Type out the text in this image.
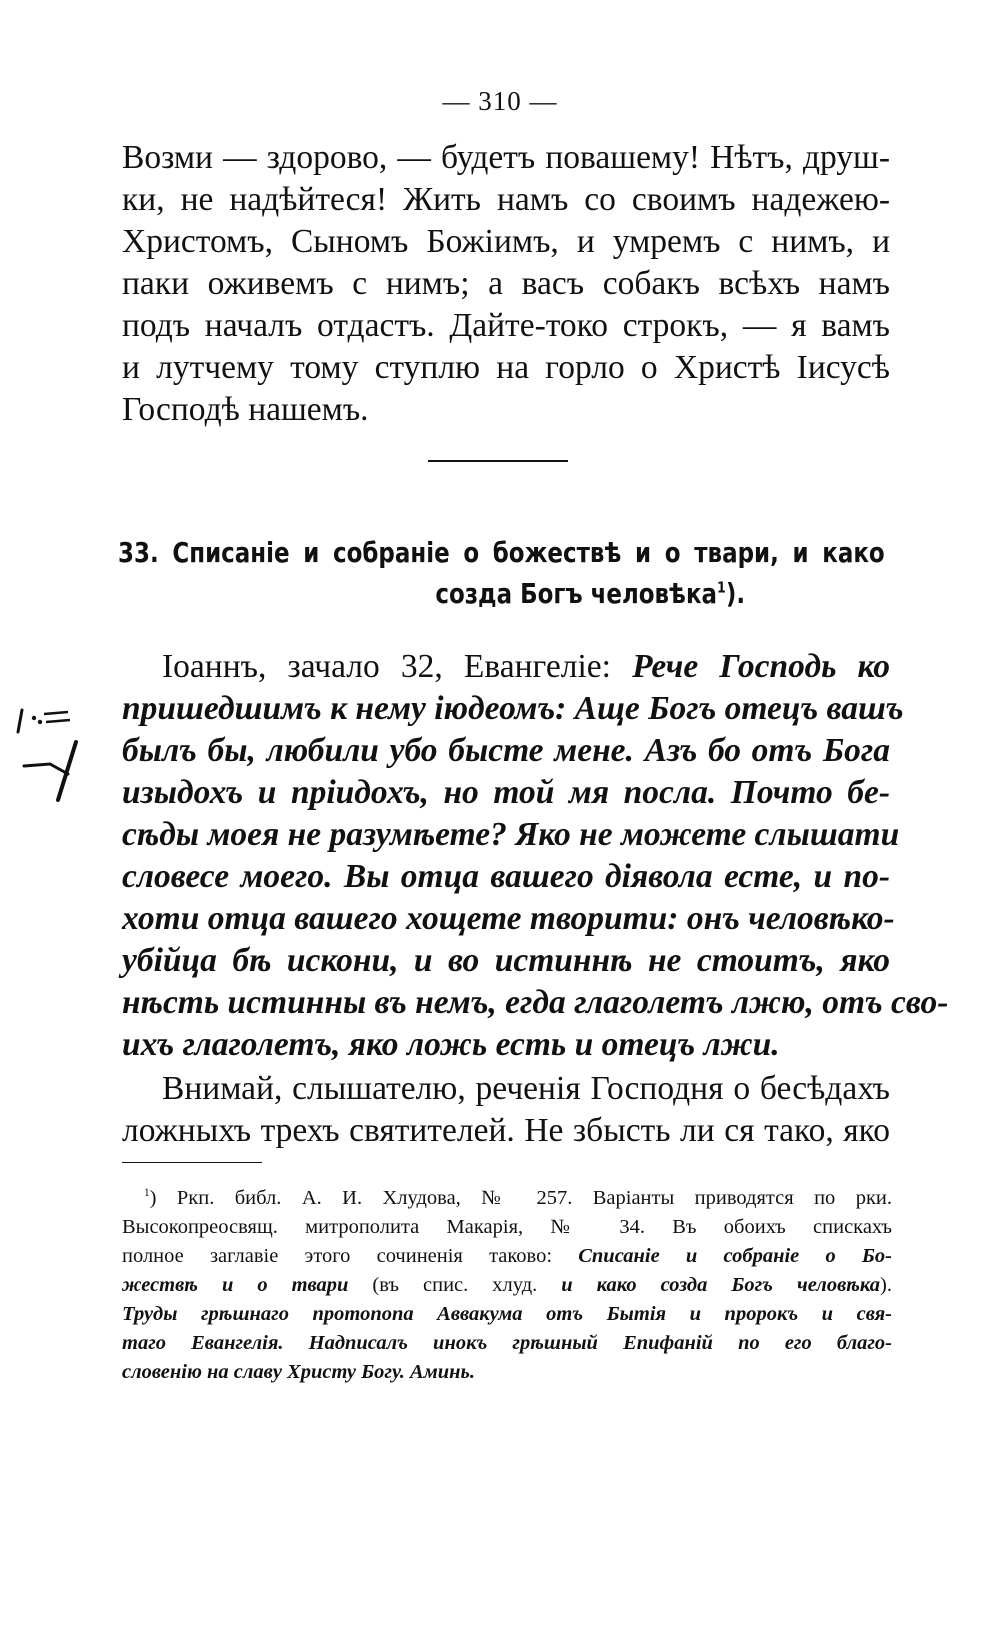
— 310 —

Возми — здорово, — будетъ повашему! Нѣтъ, друш-

ки, не надѣйтеся! Жить намъ со своимъ надежею-

Христомъ, Сыномъ Божіимъ, и умремъ с нимъ, и

паки оживемъ с нимъ; а васъ собакъ всѣхъ намъ

подъ началъ отдастъ. Дайте-токо строкъ, — я вамъ

и лутчему тому ступлю на горло о Христѣ Іисусѣ

Господѣ нашемъ.

33. Списаніе и собраніе о божествѣ и о твари, и како

созда Богъ человѣка$^1$).

Іоаннъ, зачало 32, Евангеліе: Рече Господь ко

пришедшимъ к нему іюдеомъ: Аще Богъ отецъ вашъ

былъ бы, любили убо бысте мене. Азъ бо отъ Бога

изыдохъ и пріидохъ, но той мя посла. Почто бе-

сѣды моея не разумѣете? Яко не можете слышати

словесе моего. Вы отца вашего діявола есте, и по-

хоти отца вашего хощете творити: онъ человѣко-

убійца бѣ искони, и во истиннѣ не стоитъ, яко

нѣсть истинны въ немъ, егда глаголетъ лжю, отъ сво-

ихъ глаголетъ, яко ложь есть и отецъ лжи.

Внимай, слышателю, реченія Господня о бесѣдахъ

ложныхъ трехъ святителей. Не збысть ли ся тако, яко

$^1$) Ркп. библ. А. И. Хлудова, № 257. Варіанты приводятся по рки.

Высокопреосвящ. митрополита Макарія, № 34. Въ обоихъ спискахъ

полное заглавіе этого сочиненія таково: Списаніе и собраніе о Бо-

жествѣ и о твари (въ спис. хлуд. и како созда Богъ человѣка).

Труды грѣшнаго протопопа Аввакума отъ Бытія и пророкъ и свя-

таго Евангелія. Надписалъ инокъ грѣшный Епифаній по его благо-

словенію на славу Христу Богу. Аминь.
